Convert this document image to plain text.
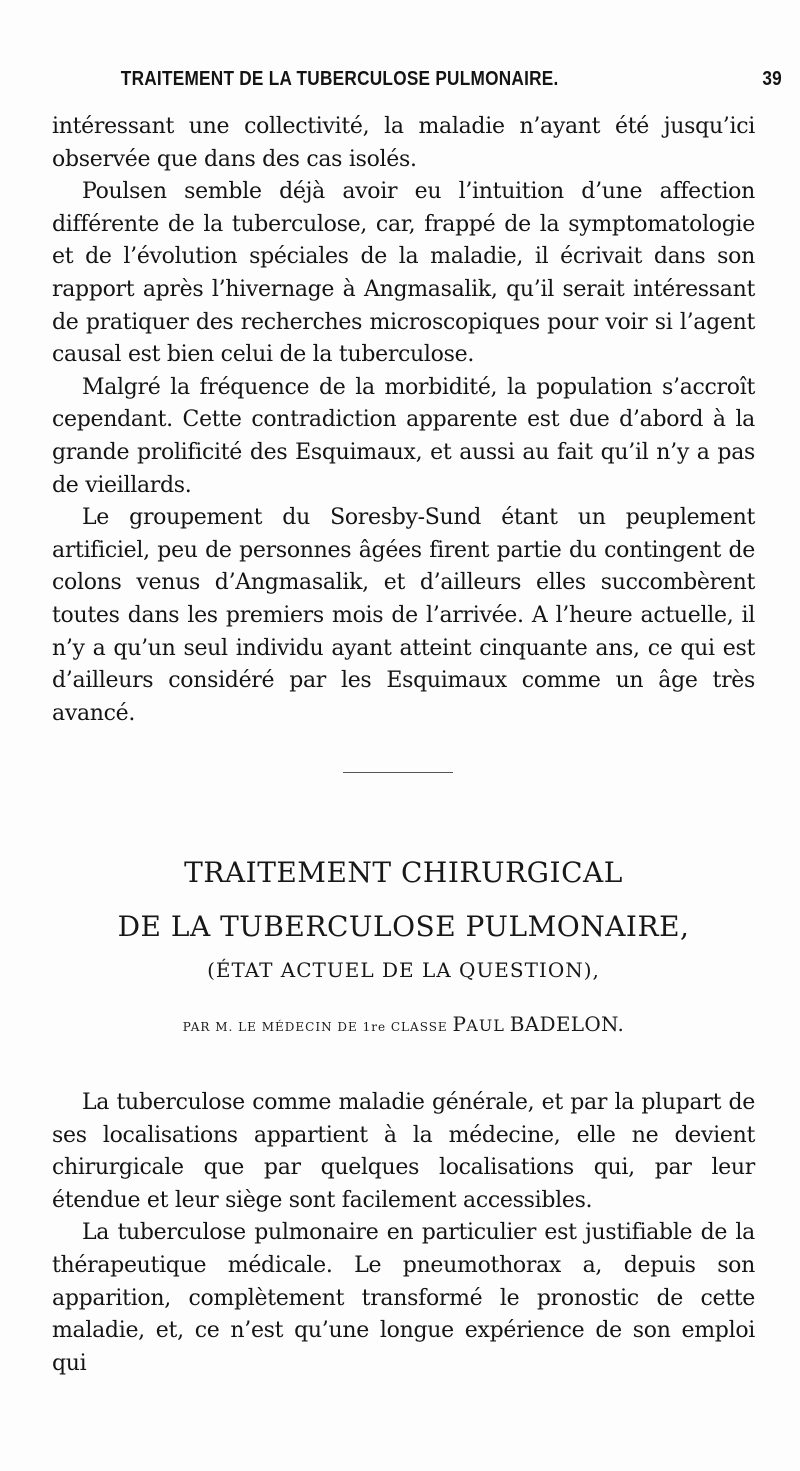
TRAITEMENT DE LA TUBERCULOSE PULMONAIRE.	39

intéressant une collectivité, la maladie n’ayant été jusqu’ici observée que dans des cas isolés.

Poulsen semble déjà avoir eu l’intuition d’une affection différente de la tuberculose, car, frappé de la symptomatologie et de l’évolution spéciales de la maladie, il écrivait dans son rapport après l’hivernage à Angmasalik, qu’il serait intéressant de pratiquer des recherches microscopiques pour voir si l’agent causal est bien celui de la tuberculose.

Malgré la fréquence de la morbidité, la population s’accroît cependant. Cette contradiction apparente est due d’abord à la grande prolificité des Esquimaux, et aussi au fait qu’il n’y a pas de vieillards.

Le groupement du Soresby-Sund étant un peuplement artificiel, peu de personnes âgées firent partie du contingent de colons venus d’Angmasalik, et d’ailleurs elles succombèrent toutes dans les premiers mois de l’arrivée. A l’heure actuelle, il n’y a qu’un seul individu ayant atteint cinquante ans, ce qui est d’ailleurs considéré par les Esquimaux comme un âge très avancé.

TRAITEMENT CHIRURGICAL
DE LA TUBERCULOSE PULMONAIRE,
(ÉTAT ACTUEL DE LA QUESTION),
PAR M. LE MÉDECIN DE 1re CLASSE PAUL BADELON.

La tuberculose comme maladie générale, et par la plupart de ses localisations appartient à la médecine, elle ne devient chirurgicale que par quelques localisations qui, par leur étendue et leur siège sont facilement accessibles.

La tuberculose pulmonaire en particulier est justifiable de la thérapeutique médicale. Le pneumothorax a, depuis son apparition, complètement transformé le pronostic de cette maladie, et, ce n’est qu’une longue expérience de son emploi qui
